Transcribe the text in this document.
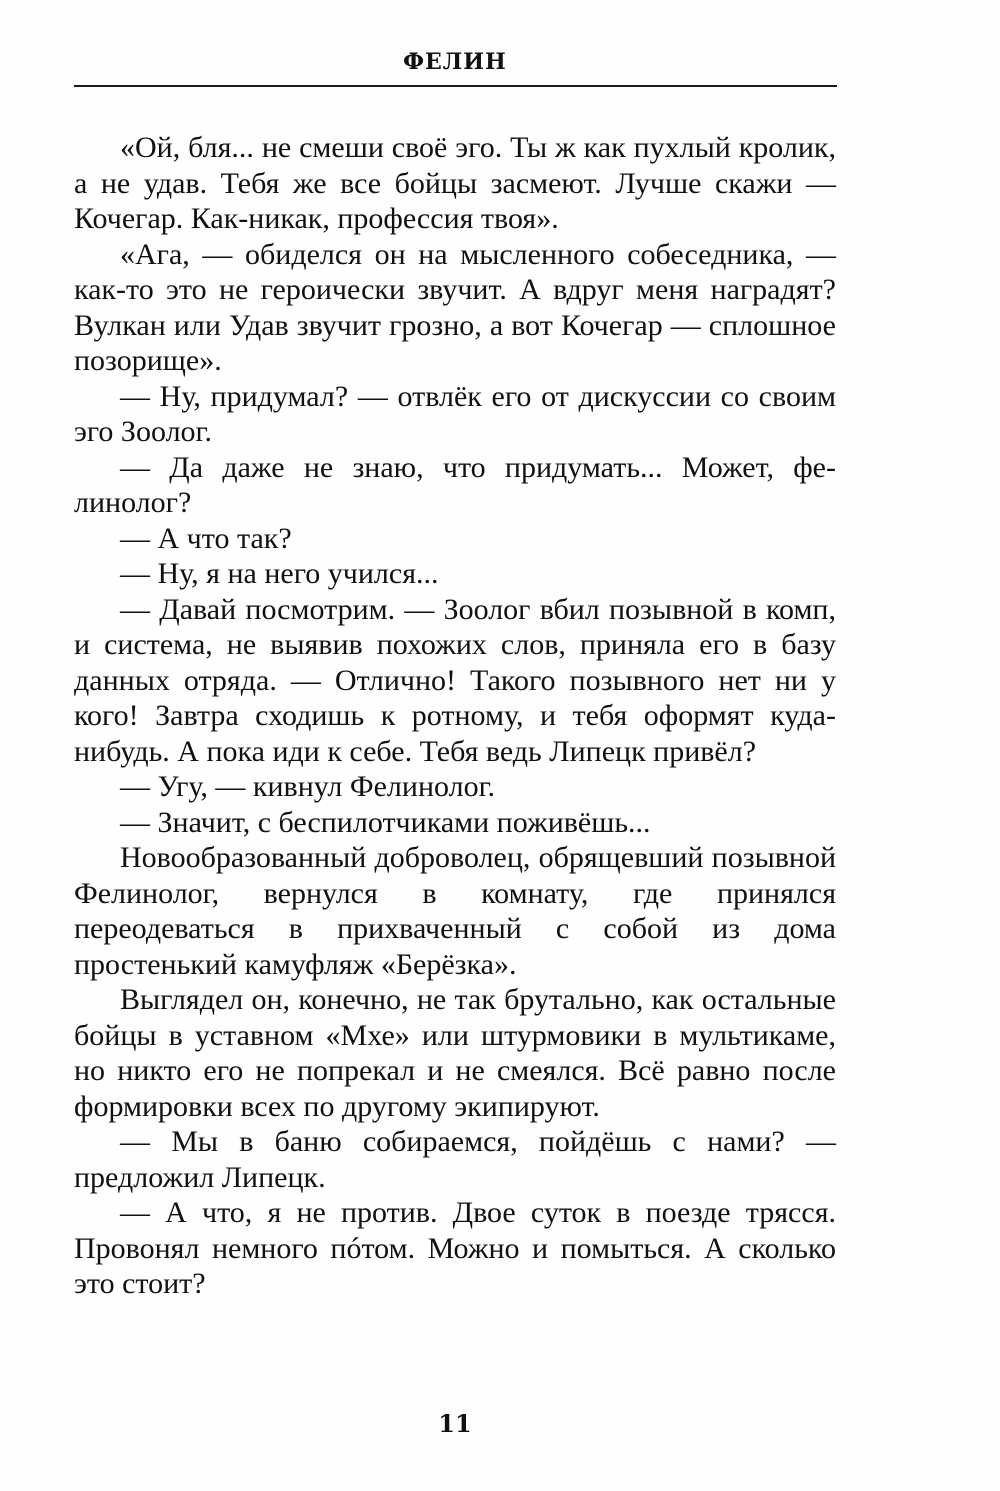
ФЕЛИН

«Ой, бля... не смеши своё эго. Ты ж как пухлый кролик, а не удав. Тебя же все бойцы засмеют. Лучше скажи — Кочегар. Как-никак, профессия твоя».

«Ага, — обиделся он на мысленного собеседника, — как-то это не героически звучит. А вдруг меня наградят? Вулкан или Удав звучит грозно, а вот Кочегар — сплошное позорище».

— Ну, придумал? — отвлёк его от дискуссии со своим эго Зоолог.

— Да даже не знаю, что придумать... Может, фелинолог?

— А что так?

— Ну, я на него учился...

— Давай посмотрим. — Зоолог вбил позывной в комп, и система, не выявив похожих слов, приняла его в базу данных отряда. — Отлично! Такого позывного нет ни у кого! Завтра сходишь к ротному, и тебя оформят куда-нибудь. А пока иди к себе. Тебя ведь Липецк привёл?

— Угу, — кивнул Фелинолог.

— Значит, с беспилотчиками поживёшь...

Новообразованный доброволец, обрящевший позывной Фелинолог, вернулся в комнату, где принялся переодеваться в прихваченный с собой из дома простенький камуфляж «Берёзка».

Выглядел он, конечно, не так брутально, как остальные бойцы в уставном «Мхе» или штурмовики в мультикаме, но никто его не попрекал и не смеялся. Всё равно после формировки всех по другому экипируют.

— Мы в баню собираемся, пойдёшь с нами? — предложил Липецк.

— А что, я не против. Двое суток в поезде трясся. Провонял немного пóтом. Можно и помыться. А сколько это стоит?

11
